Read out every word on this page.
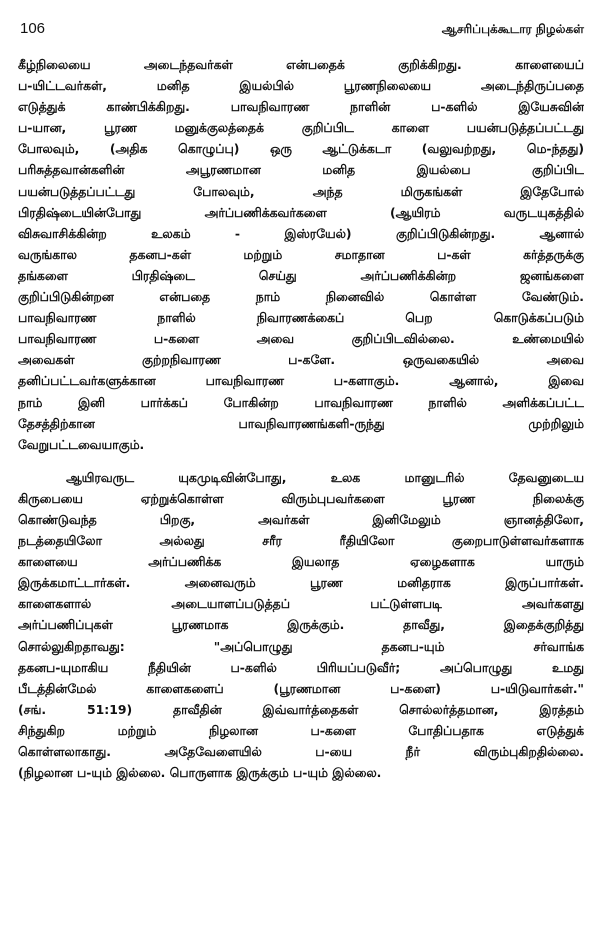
106	ஆசரிப்புக்கூடார நிழல்கள்
கீழ்நிலையை அடைந்தவர்கள் என்பதைக் குறிக்கிறது. காளையைப்
ப-யிட்டவர்கள், மனித இயல்பில் பூரணநிலையை அடைந்திருப்பதை
எடுத்துக் காண்பிக்கிறது. பாவநிவாரண நாளின் ப-களில் இயேசுவின்
ப-யான, பூரண மனுக்குலத்தைக் குறிப்பிட காளை பயன்படுத்தப்பட்டது
போலவும், (அதிக கொழுப்பு) ஒரு ஆட்டுக்கடா (வலுவற்றது, மெ-ந்தது)
பரிசுத்தவான்களின் அபூரணமான மனித இயல்பை குறிப்பிட
பயன்படுத்தப்பட்டது போலவும், அந்த மிருகங்கள் இதேபோல்
பிரதிஷ்டையின்போது அர்ப்பணிக்கவர்களை (ஆயிரம் வருடயுகத்தில்
விசுவாசிக்கின்ற உலகம் - இஸ்ரயேல்) குறிப்பிடுகின்றது. ஆனால்
வருங்கால தகனப-கள் மற்றும் சமாதான ப-கள் கர்த்தருக்கு
தங்களை பிரதிஷ்டை செய்து அர்ப்பணிக்கின்ற ஜனங்களை
குறிப்பிடுகின்றன என்பதை நாம் நினைவில் கொள்ள வேண்டும்.
பாவநிவாரண நாளில் நிவாரணக்கைப் பெற கொடுக்கப்படும்
பாவநிவாரண ப-களை அவை குறிப்பிடவில்லை. உண்மையில்
அவைகள் குற்றநிவாரண ப-களே. ஒருவகையில் அவை
தனிப்பட்டவர்களுக்கான பாவநிவாரண ப-களாகும். ஆனால், இவை
நாம் இனி பார்க்கப் போகின்ற பாவநிவாரண நாளில் அளிக்கப்பட்ட
தேசத்திற்கான பாவநிவாரணங்களி-ருந்து முற்றிலும்
வேறுபட்டவையாகும்.
ஆயிரவருட யுகமுடிவின்போது, உலக மானுடரில் தேவனுடைய
கிருபையை ஏற்றுக்கொள்ள விரும்புபவர்களை பூரண நிலைக்கு
கொண்டுவந்த பிறகு, அவர்கள் இனிமேலும் ஞானத்திலோ,
நடத்தையிலோ அல்லது சரீர ரீதியிலோ குறைபாடுள்ளவர்களாக
காளையை அர்ப்பணிக்க இயலாத ஏழைகளாக யாரும்
இருக்கமாட்டார்கள். அனைவரும் பூரண மனிதராக இருப்பார்கள்.
காளைகளால் அடையாளப்படுத்தப் பட்டுள்ளபடி அவர்களது
அர்ப்பணிப்புகள் பூரணமாக இருக்கும். தாவீது, இதைக்குறித்து
சொல்லுகிறதாவது: "அப்பொழுது தகனப-யும் சர்வாங்க
தகனப-யுமாகிய நீதியின் ப-களில் பிரியப்படுவீர்; அப்பொழுது உமது
பீடத்தின்மேல் காளைகளைப் (பூரணமான ப-களை) ப-யிடுவார்கள்."
(சங். 51:19) தாவீதின் இவ்வார்த்தைகள் சொல்லர்த்தமான, இரத்தம்
சிந்துகிற மற்றும் நிழலான ப-களை போதிப்பதாக எடுத்துக்
கொள்ளலாகாது. அதேவேளையில் ப-யை நீர் விரும்புகிறதில்லை.
(நிழலான ப-யும் இல்லை. பொருளாக இருக்கும் ப-யும் இல்லை.
